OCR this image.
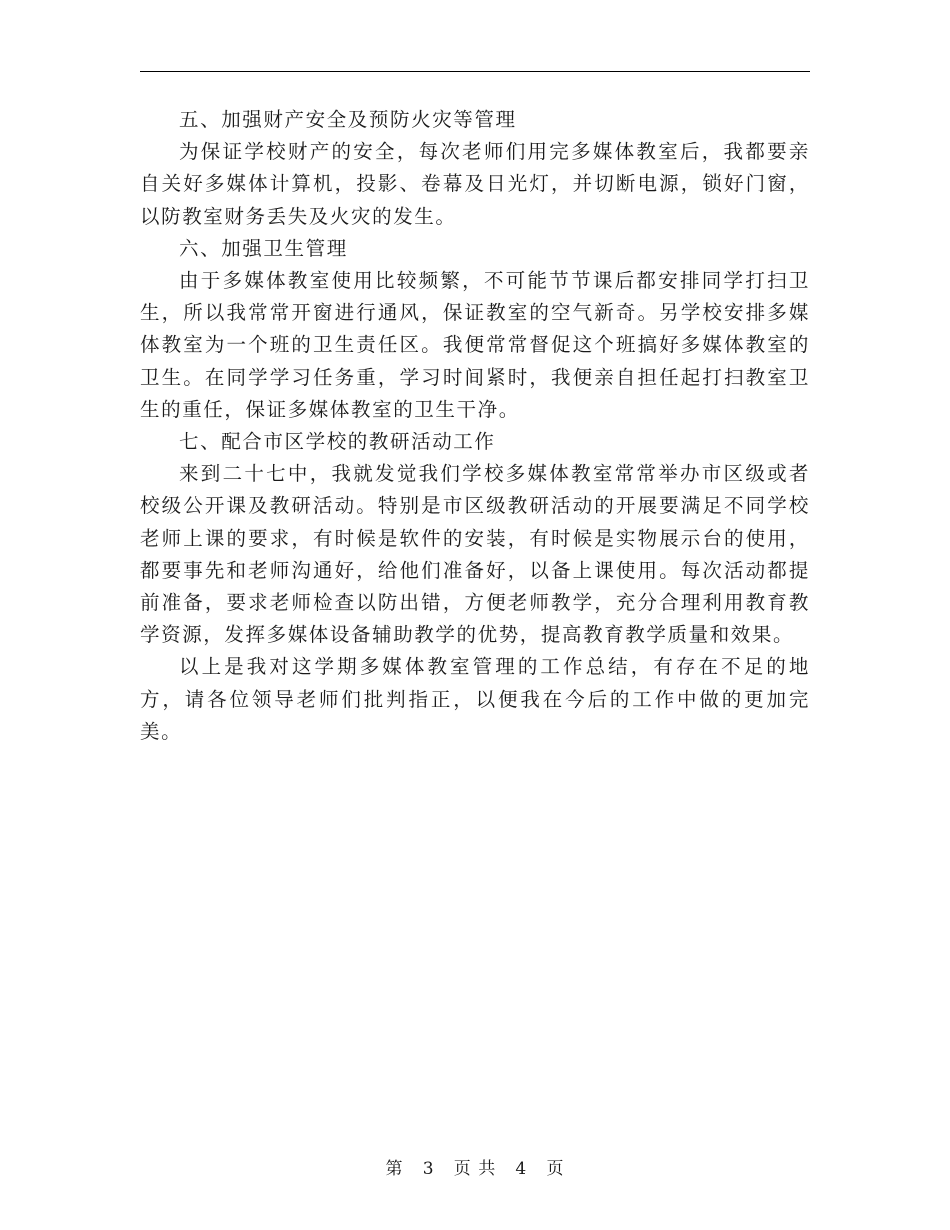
五、加强财产安全及预防火灾等管理

为保证学校财产的安全，每次老师们用完多媒体教室后，我都要亲自关好多媒体计算机，投影、卷幕及日光灯，并切断电源，锁好门窗，以防教室财务丢失及火灾的发生。

六、加强卫生管理

由于多媒体教室使用比较频繁，不可能节节课后都安排同学打扫卫生，所以我常常开窗进行通风，保证教室的空气新奇。另学校安排多媒体教室为一个班的卫生责任区。我便常常督促这个班搞好多媒体教室的卫生。在同学学习任务重，学习时间紧时，我便亲自担任起打扫教室卫生的重任，保证多媒体教室的卫生干净。

七、配合市区学校的教研活动工作

来到二十七中，我就发觉我们学校多媒体教室常常举办市区级或者校级公开课及教研活动。特别是市区级教研活动的开展要满足不同学校老师上课的要求，有时候是软件的安装，有时候是实物展示台的使用，都要事先和老师沟通好，给他们准备好，以备上课使用。每次活动都提前准备，要求老师检查以防出错，方便老师教学，充分合理利用教育教学资源，发挥多媒体设备辅助教学的优势，提高教育教学质量和效果。

以上是我对这学期多媒体教室管理的工作总结，有存在不足的地方，请各位领导老师们批判指正，以便我在今后的工作中做的更加完美。

第 3 页 共 4 页
